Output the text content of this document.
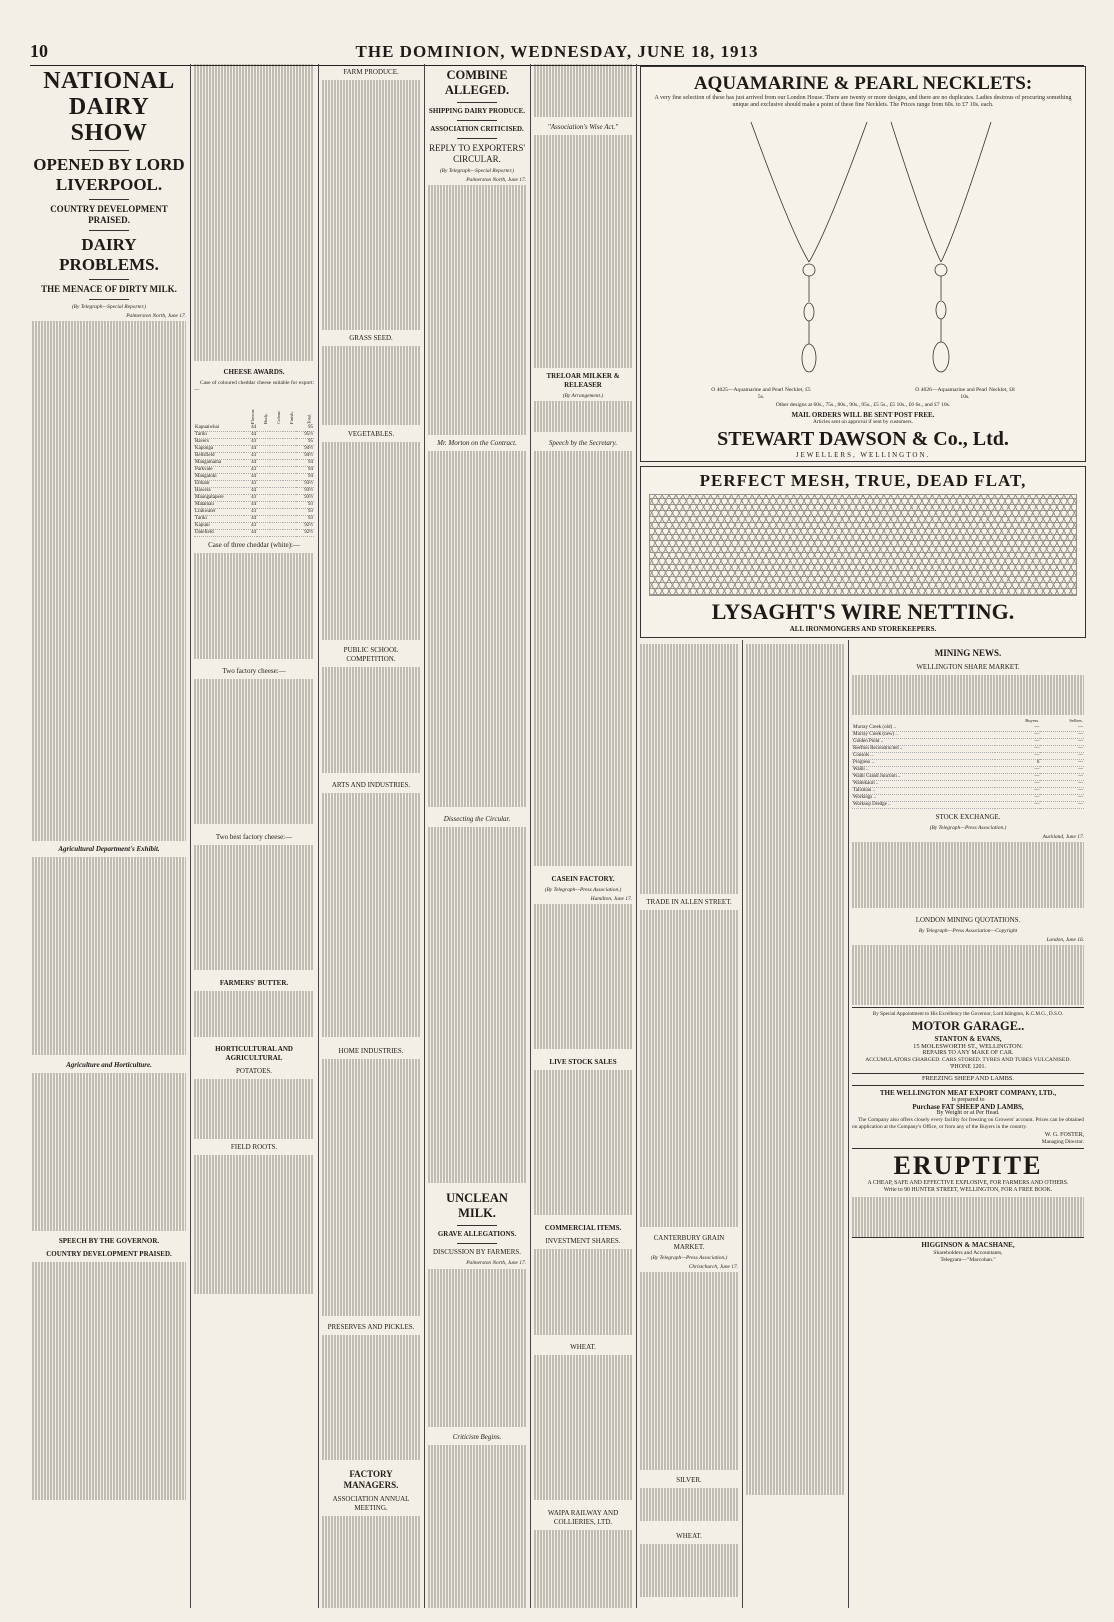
10	THE DOMINION, WEDNESDAY, JUNE 18, 1913
NATIONAL DAIRY SHOW
OPENED BY LORD LIVERPOOL.
COUNTRY DEVELOPMENT PRAISED.
DAIRY PROBLEMS.
THE MENACE OF DIRTY MILK.
(By Telegraph—Special Reporter.)
Palmerston North, June 17.
Agricultural Department's Exhibit.
Agriculture and Horticulture.
SPEECH BY THE GOVERNOR.
COUNTRY DEVELOPMENT PRAISED.
CHEESE AWARDS.
Case of coloured cheddar cheese suitable for export:—
	Flavour.	Body.	Colour.	Finish.	Total.
Kapuaiwhai	44				95
Tariki	44				95½
Ravers	43				95
Kaponga	44				94½
Bellsfield	43				94½
Mangamama	44				94
Parkvale	43				94
Mangatoki	44				94
Eltham	43				93½
Hawera	44				93½
Maungatapere	43				93½
Matamau	44				93
Linkwater	43				93
Tariki	44				93
Kapuni	43				92½
Dalefield	44				92½
Case of three cheddar (white):—
Two factory cheese:—
Two best factory cheese:—
FARMERS' BUTTER.
HORTICULTURAL AND AGRICULTURAL
POTATOES.
FIELD ROOTS.
FARM PRODUCE.
GRASS SEED.
VEGETABLES.
PUBLIC SCHOOL COMPETITION.
ARTS AND INDUSTRIES.
HOME INDUSTRIES.
PRESERVES AND PICKLES.
FACTORY MANAGERS.
ASSOCIATION ANNUAL MEETING.
COMBINE ALLEGED.
SHIPPING DAIRY PRODUCE.
ASSOCIATION CRITICISED.
REPLY TO EXPORTERS' CIRCULAR.
(By Telegraph—Special Reporter.)
Palmerston North, June 17.
Mr. Morton on the Contract.
Dissecting the Circular.
UNCLEAN MILK.
GRAVE ALLEGATIONS.
DISCUSSION BY FARMERS.
Palmerston North, June 17.
Criticism Begins.
"Association's Wise Act."
Speech by the Secretary.
CASEIN FACTORY.
(By Telegraph—Press Association.)
Hamilton, June 17.
LIVE STOCK SALES
COMMERCIAL ITEMS.
INVESTMENT SHARES.
WHEAT.
WAIPA RAILWAY AND COLLIERIES, LTD.
TRELOAR MILKER & RELEASER
(By Arrangement.)
AQUAMARINE & PEARL NECKLETS:
A very fine selection of these has just arrived from our London House. There are twenty or more designs, and there are no duplicates. Ladies desirous of procuring something unique and exclusive should make a point of these fine Necklets. The Prices range from 60s. to £7 10s. each.
O 4025—Aquamarine and Pearl Necklet, £5 5s.
O 4026—Aquamarine and Pearl Necklet, £8 10s.
Other designs at 60s., 75s., 80s., 90s., 95s., £5 5s., £5 10s., £6 6s., and £7 10s.
MAIL ORDERS WILL BE SENT POST FREE.
Articles sent on approval if sent by customers.
STEWART DAWSON & Co., Ltd.
JEWELLERS, WELLINGTON.
PERFECT MESH, TRUE, DEAD FLAT,
LYSAGHT'S WIRE NETTING.
ALL IRONMONGERS AND STOREKEEPERS.
TRADE IN ALLEN STREET.
CANTERBURY GRAIN MARKET.
(By Telegraph—Press Association.)
Christchurch, June 17.
SILVER.
WHEAT.
MINING NEWS.
WELLINGTON SHARE MARKET.
	Buyers.	Sellers.
Murray Creek (old) ..	—	—
Murray Creek (new) ..	—	—
Golden Point ..	—	—
Reefton Reconstructed ..	—	—
Consols ..	—	—
Progress ..	6	—
Waihi ..	—	—
Waihi Grand Junction ..	—	—
Waitekauri ..	—	—
Talisman ..	—	—
Workings ..	—	—
Worksop Dredge ..	—	—
STOCK EXCHANGE.
(By Telegraph—Press Association.)
Auckland, June 17.
LONDON MINING QUOTATIONS.
By Telegraph—Press Association—Copyright
London, June 16.
By Special Appointment to His Excellency the Governor, Lord Islington, K.C.M.G., D.S.O.
MOTOR GARAGE..
STANTON & EVANS,
15 MOLESWORTH ST., WELLINGTON.
REPAIRS TO ANY MAKE OF CAR.
ACCUMULATORS CHARGED. CARS STORED. TYRES AND TUBES VULCANISED.
'PHONE 1201.
FREEZING SHEEP AND LAMBS.
THE WELLINGTON MEAT EXPORT COMPANY, LTD.,
Is prepared to
Purchase FAT SHEEP AND LAMBS,
By Weight or at Per Head.
The Company also offers closely every facility for freezing on Growers' account. Prices can be obtained on application at the Company's Office, or from any of the Buyers in the country.
W. G. FOSTER,
Managing Director.
ERUPTITE
A CHEAP, SAFE AND EFFECTIVE EXPLOSIVE, FOR FARMERS AND OTHERS.
Write to 90 HUNTER STREET, WELLINGTON, FOR A FREE BOOK.
HIGGINSON & MACSHANE,
Shareholders and Accountants,
Telegram—"Marcoban."
